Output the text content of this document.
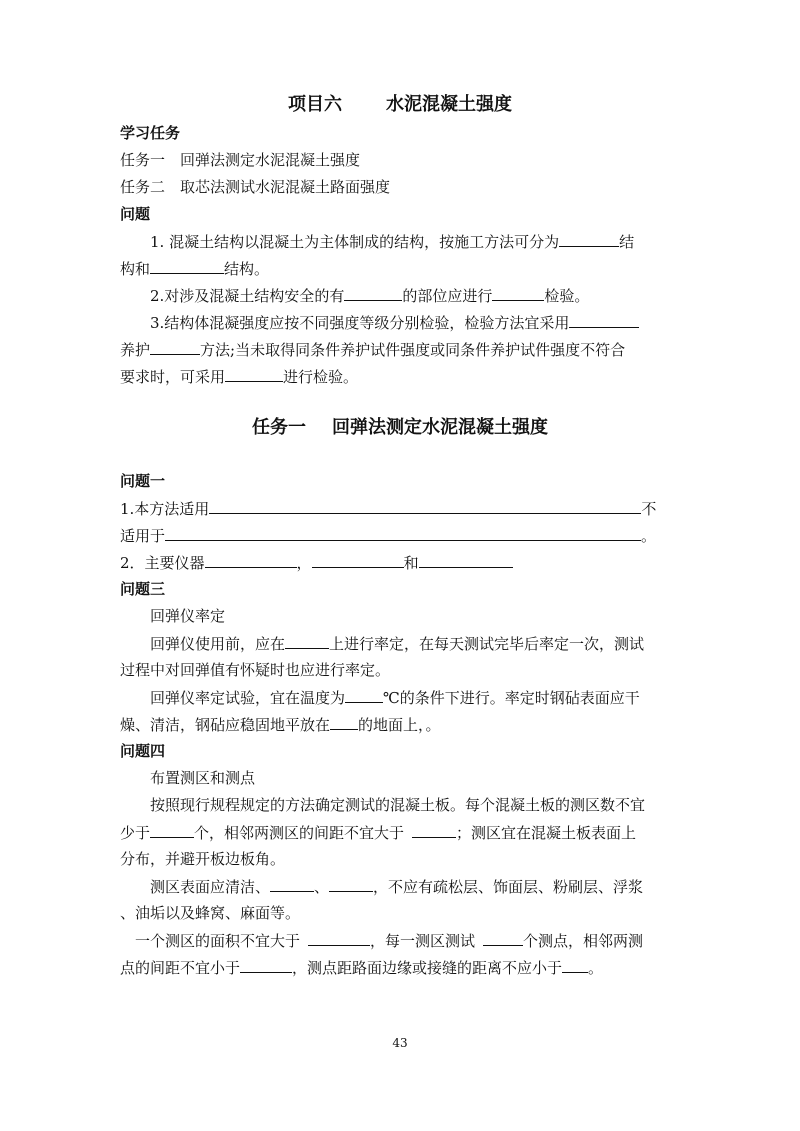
项目六 水泥混凝土强度
学习任务
任务一　回弹法测定水泥混凝土强度
任务二　取芯法测试水泥混凝土路面强度
问题
1. 混凝土结构以混凝土为主体制成的结构，按施工方法可分为	结
构和	结构。
2.对涉及混凝土结构安全的有	的部位应进行	检验。
3.结构体混凝强度应按不同强度等级分别检验，检验方法宜采用
养护	方法;当未取得同条件养护试件强度或同条件养护试件强度不符合
要求时，可采用	进行检验。
任务一 回弹法测定水泥混凝土强度
问题一
1.本方法适用	不
适用于	。
2．主要仪器	，	和
问题三
回弹仪率定
回弹仪使用前，应在	上进行率定，在每天测试完毕后率定一次，测试
过程中对回弹值有怀疑时也应进行率定。
回弹仪率定试验，宜在温度为	℃的条件下进行。率定时钢砧表面应干
燥、清洁，钢砧应稳固地平放在 的地面上，。
问题四
布置测区和测点
按照现行规程规定的方法确定测试的混凝土板。每个混凝土板的测区数不宜
少于	个，相邻两测区的间距不宜大于	；测区宜在混凝土板表面上
分布，并避开板边板角。
测区表面应清洁、	、	，不应有疏松层、饰面层、粉刷层、浮浆
、油垢以及蜂窝、麻面等。
一个测区的面积不宜大于	，每一测区测试	个测点，相邻两测
点的间距不宜小于	，测点距路面边缘或接缝的距离不应小于 。
43
